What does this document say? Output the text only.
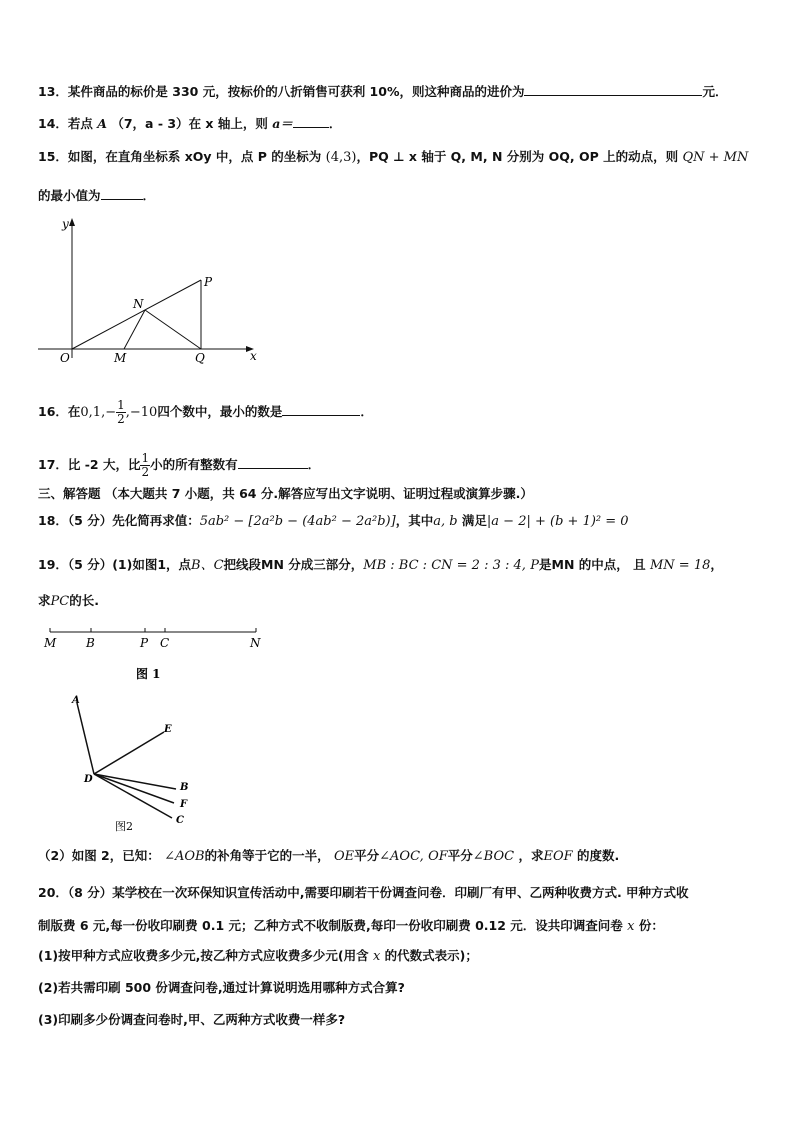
13．某件商品的标价是 330 元，按标价的八折销售可获利 10%，则这种商品的进价为	元．
14．若点 A （7，a - 3）在 x 轴上，则 a＝	．
15．如图，在直角坐标系 xOy 中，点 P 的坐标为 (4,3)，PQ ⊥ x 轴于 Q, M, N 分别为 OQ, OP 上的动点，则 QN + MN
的最小值为	．
y
x
O	M	Q
N
P
16．在$0,1,- \frac{1}{2} ,-10$四个数中，最小的数是	．
17．比 -2 大，比 $\frac{1}{2}$ 小的所有整数有	．
三、解答题 （本大题共 7 小题，共 64 分.解答应写出文字说明、证明过程或演算步骤.）
18．（5 分）先化简再求值：5ab² − [2a²b − (4ab² − 2a²b)]，其中a, b 满足|a − 2| + (b + 1)² = 0
19．（5 分）(1)如图1，点B、C把线段MN 分成三部分，MB : BC : CN = 2 : 3 : 4, P是MN 的中点， 且 MN = 18，
求PC的长.
M B	P C	N
图 1
A
E
D
B
F
C
图2
（2）如图 2，已知： ∠AOB的补角等于它的一半， OE平分∠AOC, OF平分∠BOC ，求EOF 的度数.
20．（8 分）某学校在一次环保知识宣传活动中,需要印刷若干份调查问卷．印刷厂有甲、乙两种收费方式. 甲种方式收
制版费 6 元,每一份收印刷费 0.1 元；乙种方式不收制版费,每印一份收印刷费 0.12 元．设共印调查问卷 x 份：
(1)按甲种方式应收费多少元,按乙种方式应收费多少元(用含 x 的代数式表示)；
(2)若共需印刷 500 份调查问卷,通过计算说明选用哪种方式合算?
(3)印刷多少份调查问卷时,甲、乙两种方式收费一样多?
